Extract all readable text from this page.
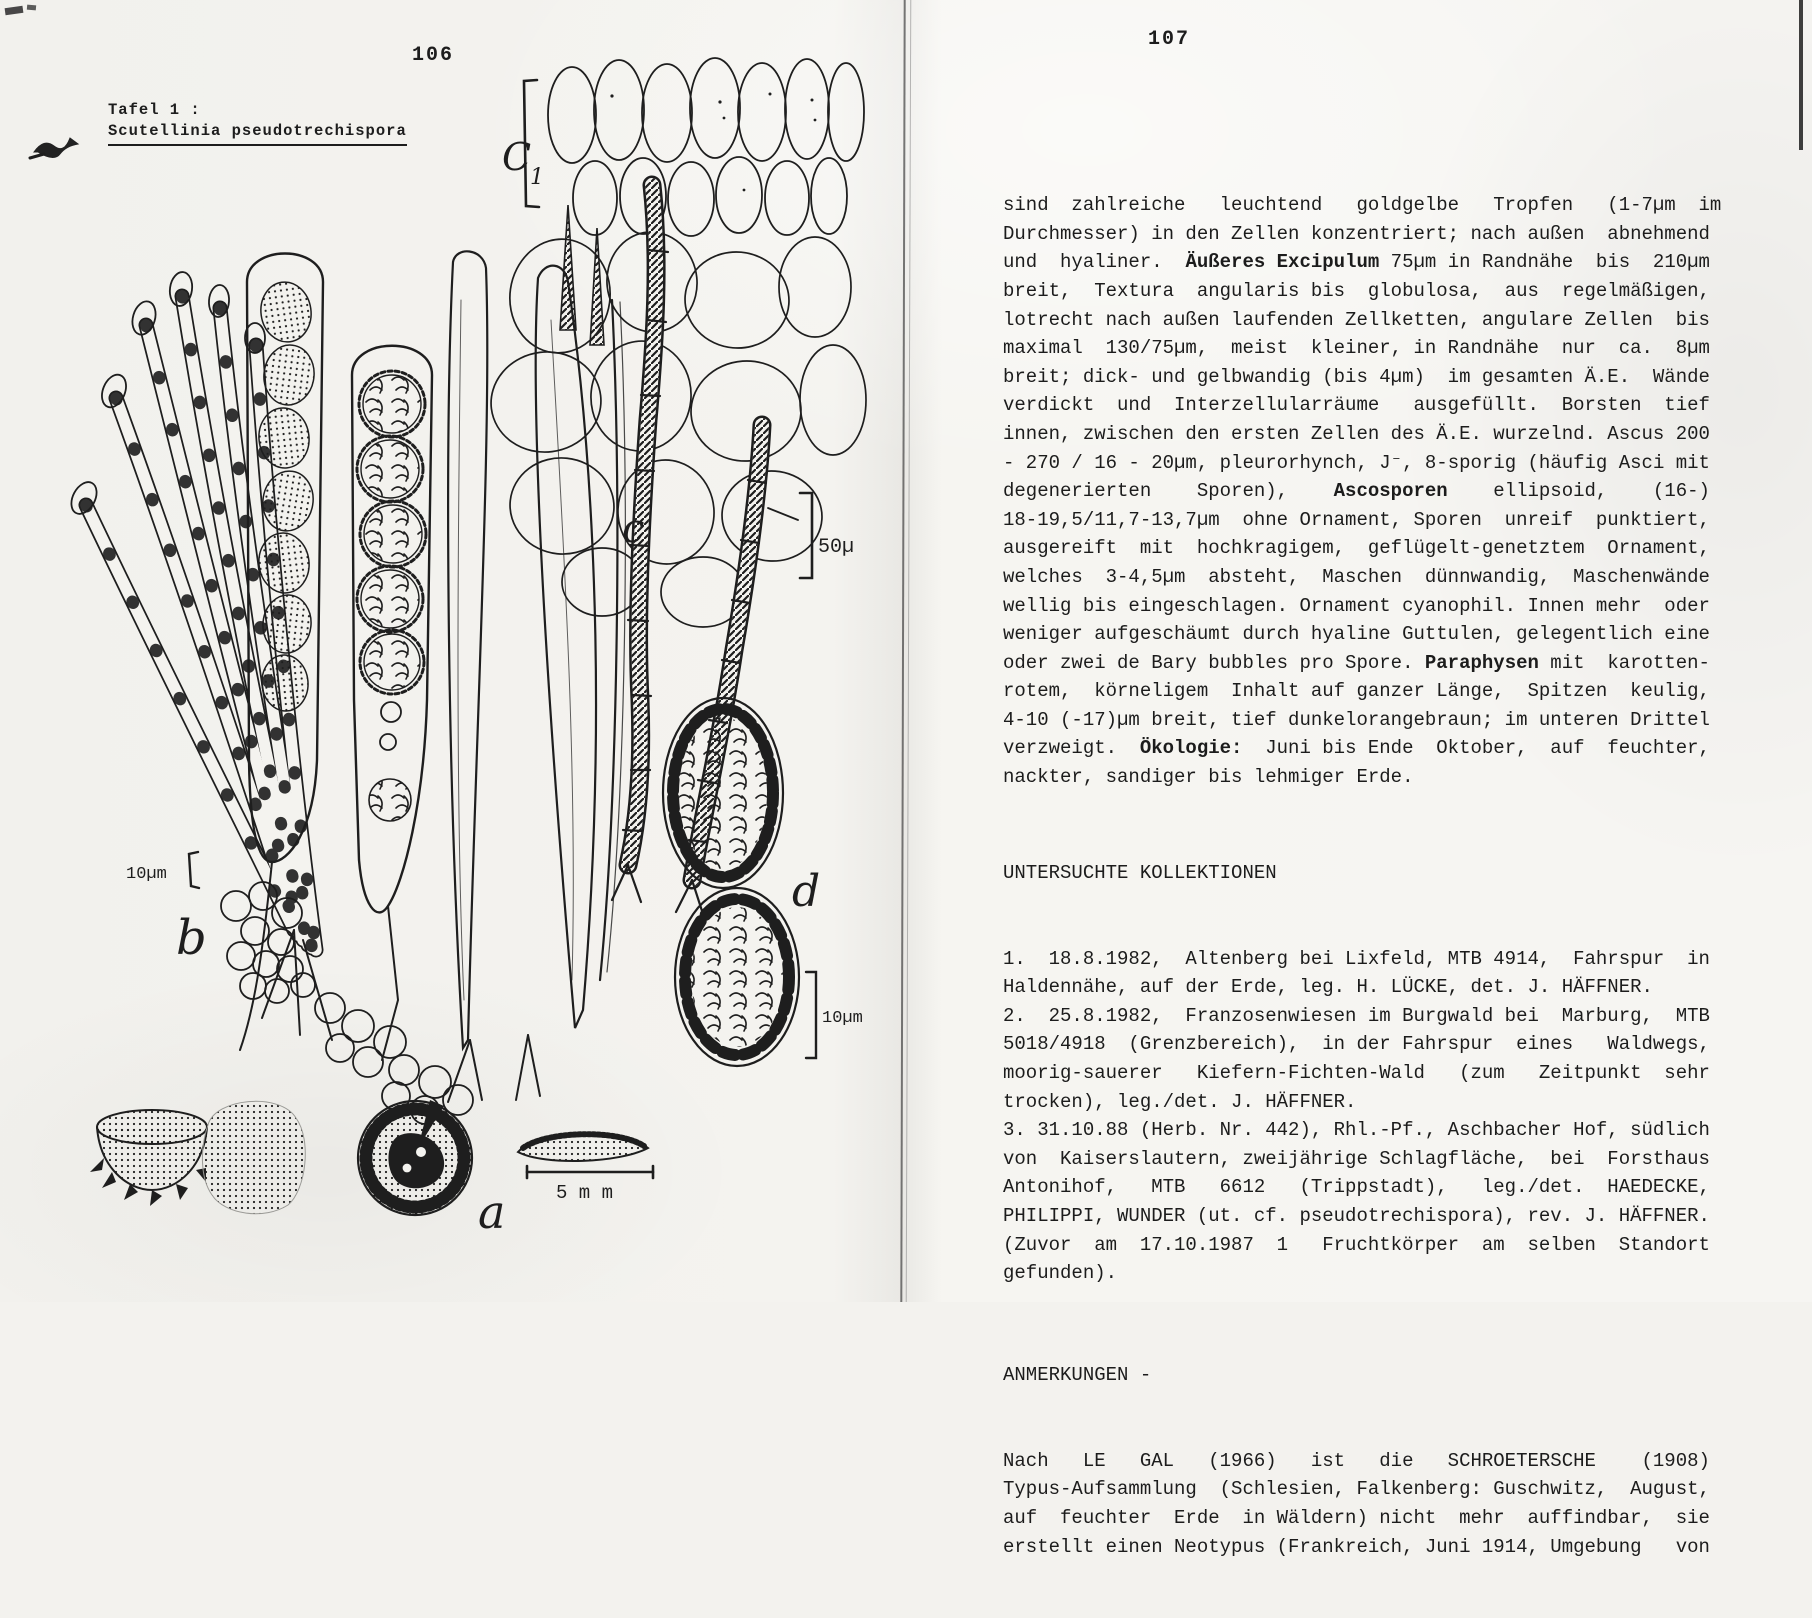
106
Tafel 1 :
Scutellinia pseudotrechispora
C
1
c
d
b
a
50µ
10µm
10µm
5 m m
107

sind  zahlreiche   leuchtend   goldgelbe   Tropfen   (1-7µm  im
Durchmesser) in den Zellen konzentriert; nach außen  abnehmend
und  hyaliner.  Äußeres Excipulum 75µm in Randnähe  bis  210µm
breit,  Textura  angularis bis  globulosa,  aus  regelmäßigen,
lotrecht nach außen laufenden Zellketten, angulare Zellen  bis
maximal  130/75µm,  meist  kleiner, in Randnähe  nur  ca.  8µm
breit; dick- und gelbwandig (bis 4µm)  im gesamten Ä.E.  Wände
verdickt  und  Interzellularräume   ausgefüllt.  Borsten  tief
innen, zwischen den ersten Zellen des Ä.E. wurzelnd. Ascus 200
- 270 / 16 - 20µm, pleurorhynch, J⁻, 8-sporig (häufig Asci mit
degenerierten    Sporen),    Ascosporen    ellipsoid,    (16-)
18-19,5/11,7-13,7µm  ohne Ornament, Sporen  unreif  punktiert,
ausgereift  mit  hochkragigem,  geflügelt-genetztem  Ornament,
welches  3-4,5µm  absteht,  Maschen  dünnwandig,  Maschenwände
wellig bis eingeschlagen. Ornament cyanophil. Innen mehr  oder
weniger aufgeschäumt durch hyaline Guttulen, gelegentlich eine
oder zwei de Bary bubbles pro Spore. Paraphysen mit  karotten-
rotem,  körneligem  Inhalt auf ganzer Länge,  Spitzen  keulig,
4-10 (-17)µm breit, tief dunkelorangebraun; im unteren Drittel
verzweigt.  Ökologie:  Juni bis Ende  Oktober,  auf  feuchter,
nackter, sandiger bis lehmiger Erde.

UNTERSUCHTE KOLLEKTIONEN

1.  18.8.1982,  Altenberg bei Lixfeld, MTB 4914,  Fahrspur  in
Haldennähe, auf der Erde, leg. H. LÜCKE, det. J. HÄFFNER.
2.  25.8.1982,  Franzosenwiesen im Burgwald bei  Marburg,  MTB
5018/4918  (Grenzbereich),  in der Fahrspur  eines   Waldwegs,
moorig-sauerer   Kiefern-Fichten-Wald   (zum   Zeitpunkt  sehr
trocken), leg./det. J. HÄFFNER.
3. 31.10.88 (Herb. Nr. 442), Rhl.-Pf., Aschbacher Hof, südlich
von  Kaiserslautern, zweijährige Schlagfläche,  bei  Forsthaus
Antonihof,   MTB   6612   (Trippstadt),   leg./det.  HAEDECKE,
PHILIPPI, WUNDER (ut. cf. pseudotrechispora), rev. J. HÄFFNER.
(Zuvor  am  17.10.1987  1   Fruchtkörper  am  selben  Standort
gefunden).

ANMERKUNGEN -

Nach   LE   GAL   (1966)   ist   die   SCHROETERSCHE    (1908)
Typus-Aufsammlung  (Schlesien, Falkenberg: Guschwitz,  August,
auf  feuchter  Erde  in Wäldern) nicht  mehr  auffindbar,  sie
erstellt einen Neotypus (Frankreich, Juni 1914, Umgebung   von
